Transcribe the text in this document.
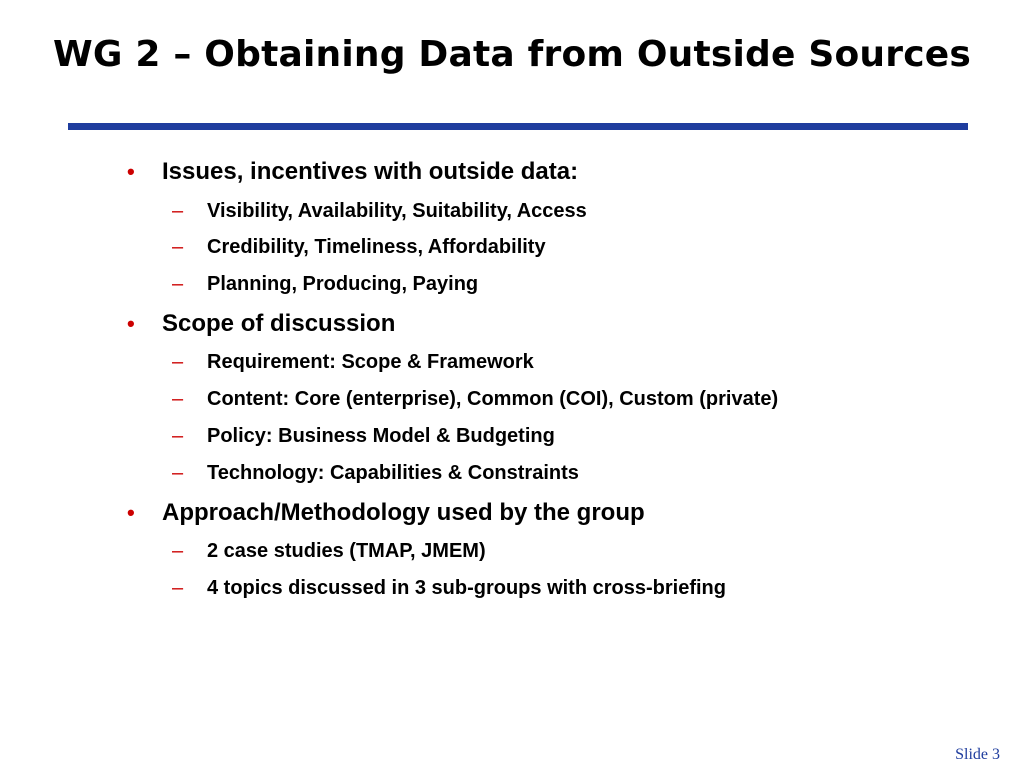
WG 2 – Obtaining Data from Outside Sources
• Issues, incentives with outside data:
– Visibility, Availability, Suitability, Access
– Credibility, Timeliness, Affordability
– Planning, Producing, Paying
• Scope of discussion
– Requirement: Scope & Framework
– Content: Core (enterprise), Common (COI), Custom (private)
– Policy: Business Model & Budgeting
– Technology: Capabilities & Constraints
• Approach/Methodology used by the group
– 2 case studies (TMAP, JMEM)
– 4 topics discussed in 3 sub-groups with cross-briefing
Slide 3
